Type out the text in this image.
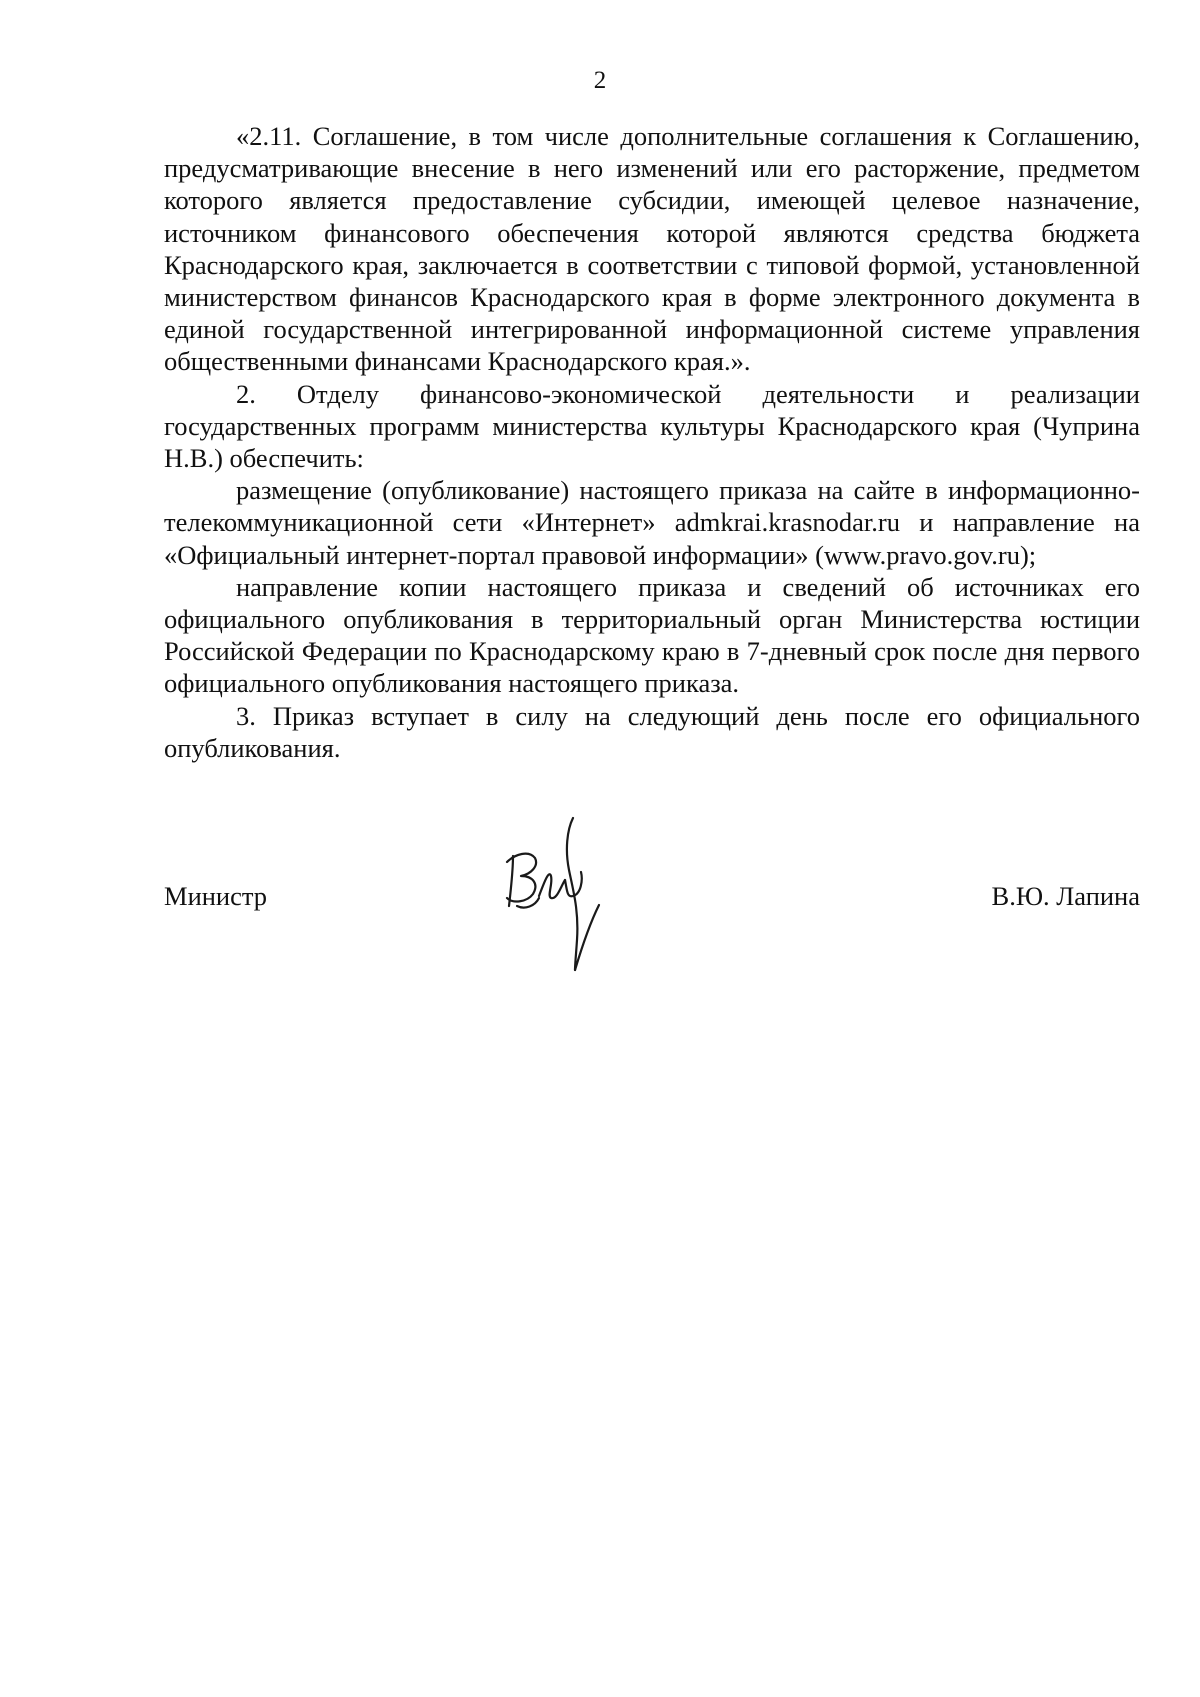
2

«2.11. Соглашение, в том числе дополнительные соглашения к Соглашению, предусматривающие внесение в него изменений или его расторжение, предметом которого является предоставление субсидии, имеющей целевое назначение, источником финансового обеспечения которой являются средства бюджета Краснодарского края, заключается в соответствии с типовой формой, установленной министерством финансов Краснодарского края в форме электронного документа в единой государственной интегрированной информационной системе управления общественными финансами Краснодарского края.».

2. Отделу финансово-экономической деятельности и реализации государственных программ министерства культуры Краснодарского края (Чуприна Н.В.) обеспечить:

размещение (опубликование) настоящего приказа на сайте в информационно-телекоммуникационной сети «Интернет» admkrai.krasnodar.ru и направление на «Официальный интернет-портал правовой информации» (www.pravo.gov.ru);

направление копии настоящего приказа и сведений об источниках его официального опубликования в территориальный орган Министерства юстиции Российской Федерации по Краснодарскому краю в 7-дневный срок после дня первого официального опубликования настоящего приказа.

3. Приказ вступает в силу на следующий день после его официального опубликования.

Министр	В.Ю. Лапина
